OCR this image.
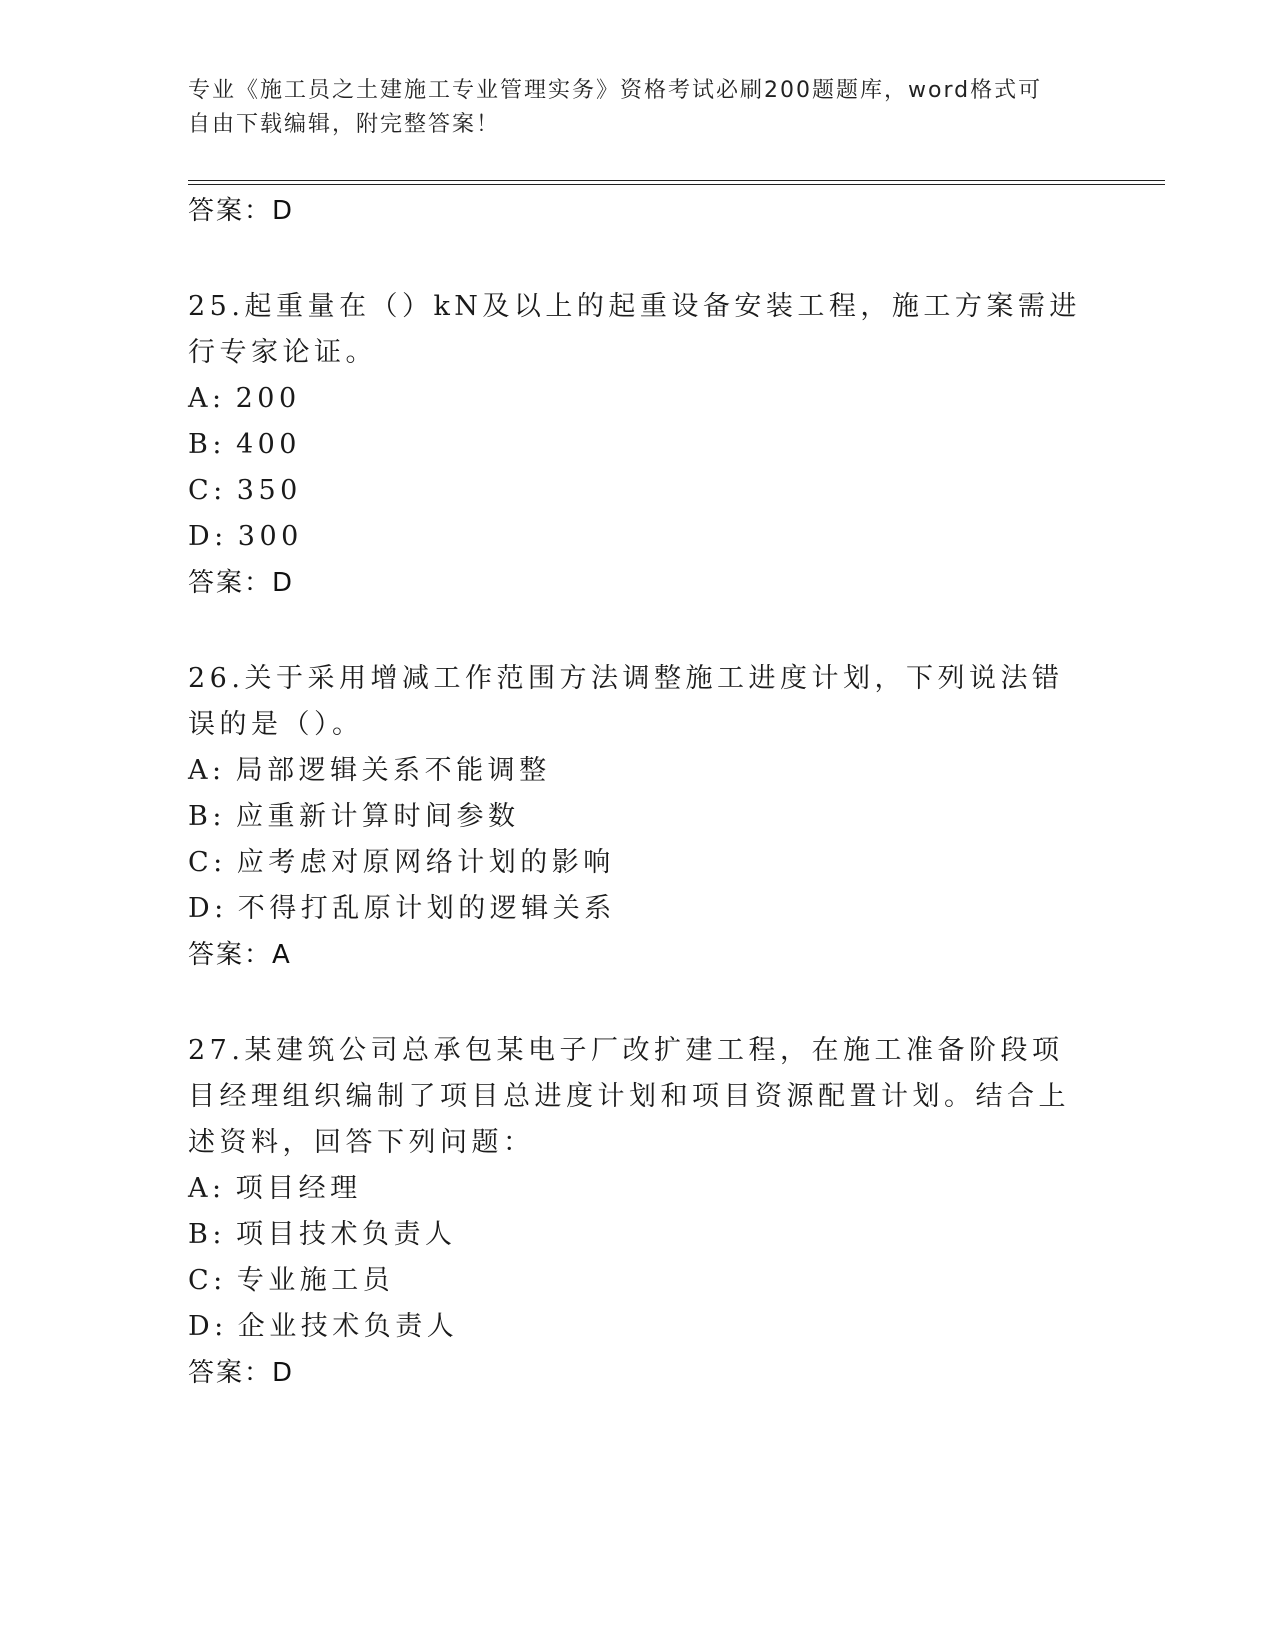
专业《施工员之土建施工专业管理实务》资格考试必刷200题题库，word格式可
自由下载编辑，附完整答案！
答案：D

25.起重量在（）kN及以上的起重设备安装工程，施工方案需进行专家论证。

A: 200
B: 400
C: 350
D: 300
答案：D

26.关于采用增减工作范围方法调整施工进度计划，下列说法错误的是（）。

A: 局部逻辑关系不能调整
B: 应重新计算时间参数
C: 应考虑对原网络计划的影响
D: 不得打乱原计划的逻辑关系
答案：A

27.某建筑公司总承包某电子厂改扩建工程，在施工准备阶段项目经理组织编制了项目总进度计划和项目资源配置计划。结合上述资料，回答下列问题：

A: 项目经理
B: 项目技术负责人
C: 专业施工员
D: 企业技术负责人
答案：D
